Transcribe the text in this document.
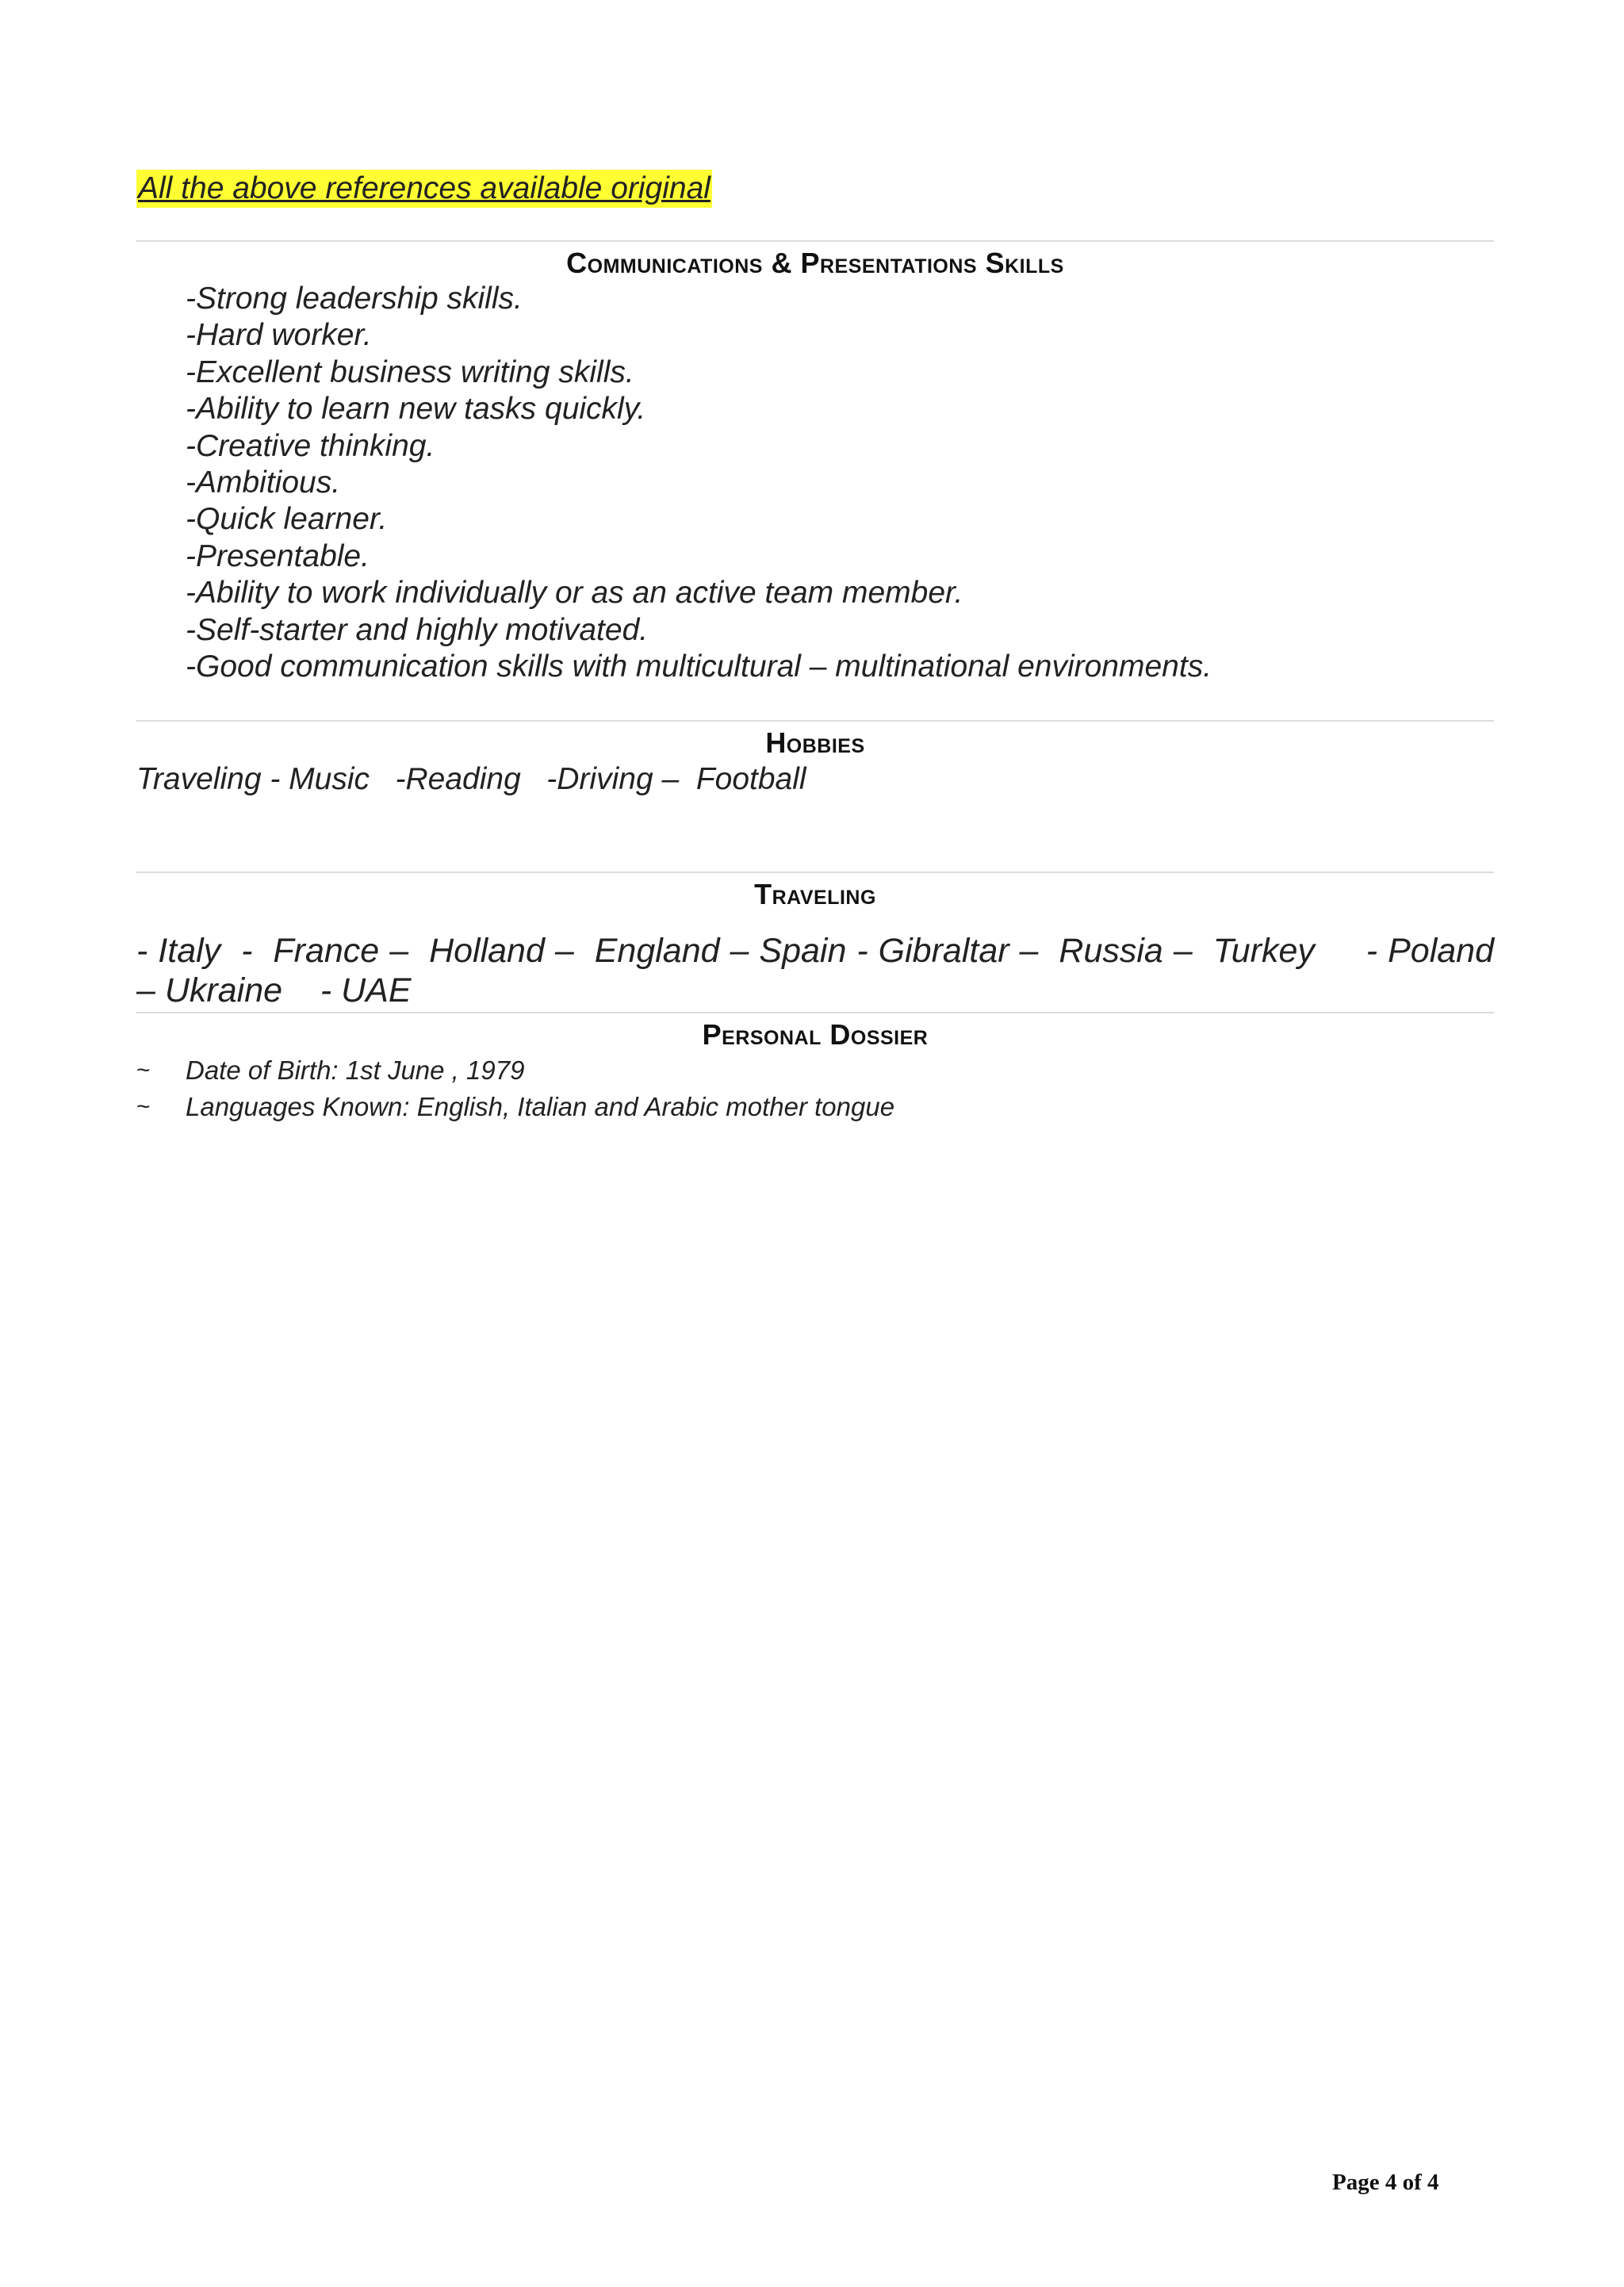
All the above references available original
Communications & Presentations Skills
-Strong leadership skills.
-Hard worker.
-Excellent business writing skills.
-Ability to learn new tasks quickly.
-Creative thinking.
-Ambitious.
-Quick learner.
-Presentable.
-Ability to work individually or as an active team member.
-Self-starter and highly motivated.
-Good communication skills with multicultural – multinational environments.
Hobbies
Traveling - Music   -Reading   -Driving –  Football
Traveling
- Italy  -  France –  Holland –  England – Spain - Gibraltar –  Russia –  Turkey     - Poland – Ukraine    - UAE
Personal Dossier
~	Date of Birth: 1st June , 1979
~	Languages Known: English, Italian and Arabic mother tongue
Page 4 of 4
